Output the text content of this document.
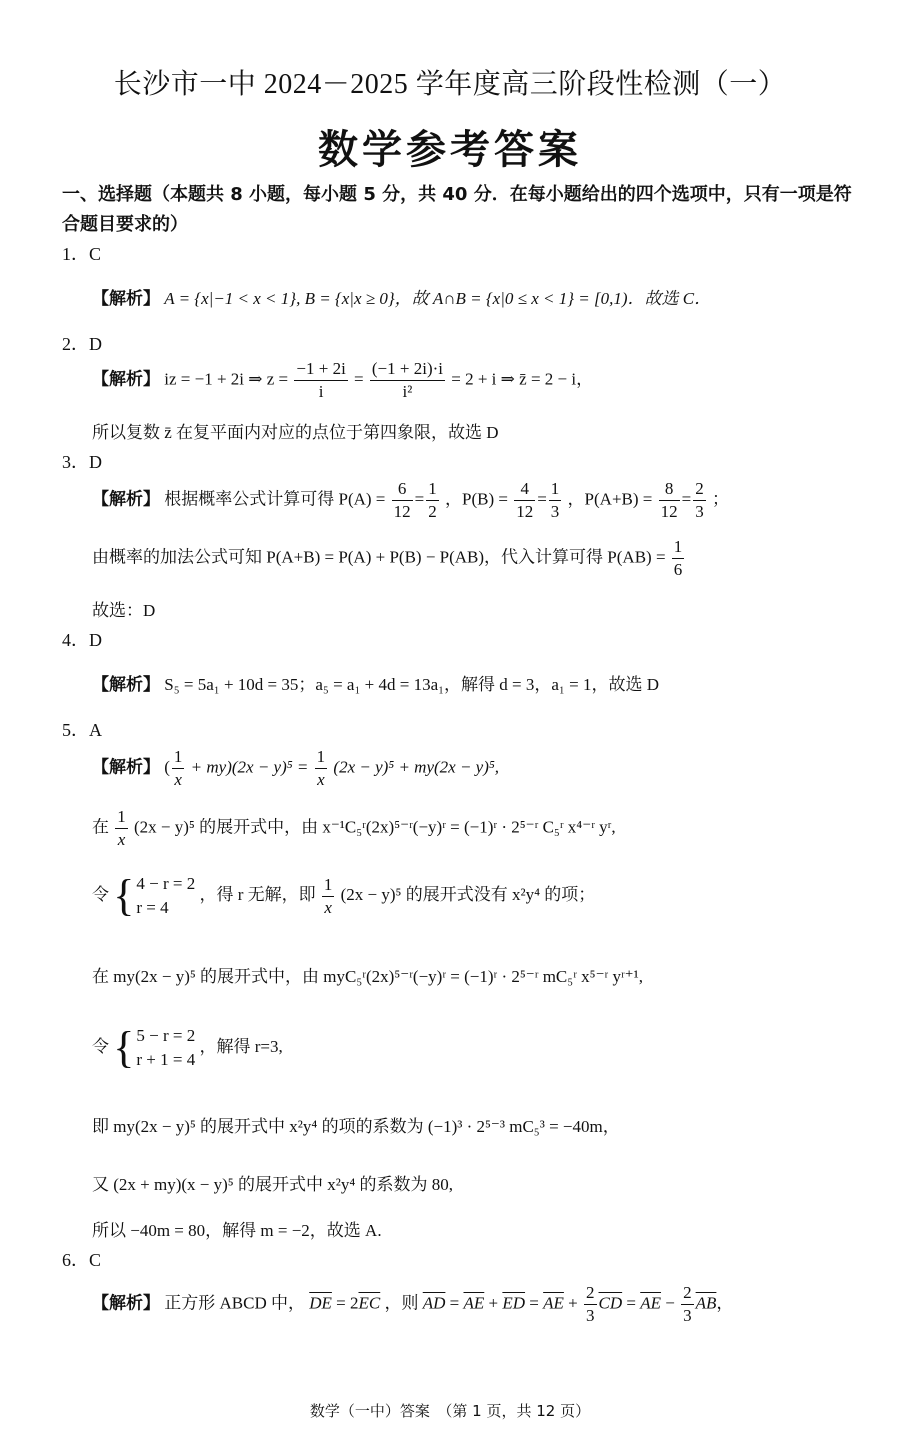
长沙市一中 2024－2025 学年度高三阶段性检测（一）
数学参考答案
一、选择题（本题共 8 小题，每小题 5 分，共 40 分．在每小题给出的四个选项中，只有一项是符合题目要求的）
1．C
【解析】 A = {x|−1 < x < 1}, B = {x|x ≥ 0}，故 A∩B = {x|0 ≤ x < 1} = [0,1)．故选 C．
2．D
【解析】 iz = −1 + 2i ⇒ $z = \frac{-1 + 2i}{i} = \frac{(-1 + 2i)\cdot i}{\text{i²}} = 2 + i$ ⇒ z̄ = 2 − i，
所以复数 z̄ 在复平面内对应的点位于第四象限，故选 D
3．D
【解析】 根据概率公式计算可得 $P(A) = \frac{6}{12} = \frac{1}{2}$ ，$P(B) = \frac{4}{12} = \frac{1}{3}$ ，$P(A+B) = \frac{8}{12} = \frac{2}{3}$ ；
由概率的加法公式可知 P(A+B) = P(A) + P(B) − P(AB)，代入计算可得 $P(AB) = \frac{1}{6}$
故选：D
4．D
【解析】 S₅ = 5a₁ + 10d = 35；a₅ = a₁ + 4d = 13a₁，解得 d = 3，a₁ = 1，故选 D
5．A
【解析】 ( $\frac{1}{x} + my)(2x - y)^5 = \frac{1}{x} (2x - y)^5 + my(2x - y)^5$,
在 $\frac{1}{x} (2x - y)^5$ 的展开式中，由 x⁻¹C₅ʳ(2x)⁵⁻ʳ(−y)ʳ = (−1)ʳ · 2⁵⁻ʳ C₅ʳ x⁴⁻ʳ yʳ,
令 { 4 − r = 2
r = 4
，得 r 无解，即 $\frac{1}{x} (2x - y)^5$ 的展开式没有 x²y⁴ 的项；
在 my(2x − y)⁵ 的展开式中，由 myC₅ʳ(2x)⁵⁻ʳ(−y)ʳ = (−1)ʳ · 2⁵⁻ʳ mC₅ʳ x⁵⁻ʳ yʳ⁺¹,
令 { 5 − r = 2
r + 1 = 4
，解得 r=3,
即 my(2x − y)⁵ 的展开式中 x²y⁴ 的项的系数为 (−1)³ · 2⁵⁻³ mC₅³ = −40m，
又 (2x + my)(x − y)⁵ 的展开式中 x²y⁴ 的系数为 80,
所以 −40m = 80，解得 m = −2，故选 A.
6．C
【解析】 正方形 ABCD 中， $\overline{DE} = 2\overline{EC}$ ，则 $\overline{AD} = \overline{AE} + \overline{ED} = \overline{AE} + \frac{2}{3} \overline{CD} = \overline{AE} - \frac{2}{3} \overline{AB}$，
数学（一中）答案　（第 1 页，共 12 页）
